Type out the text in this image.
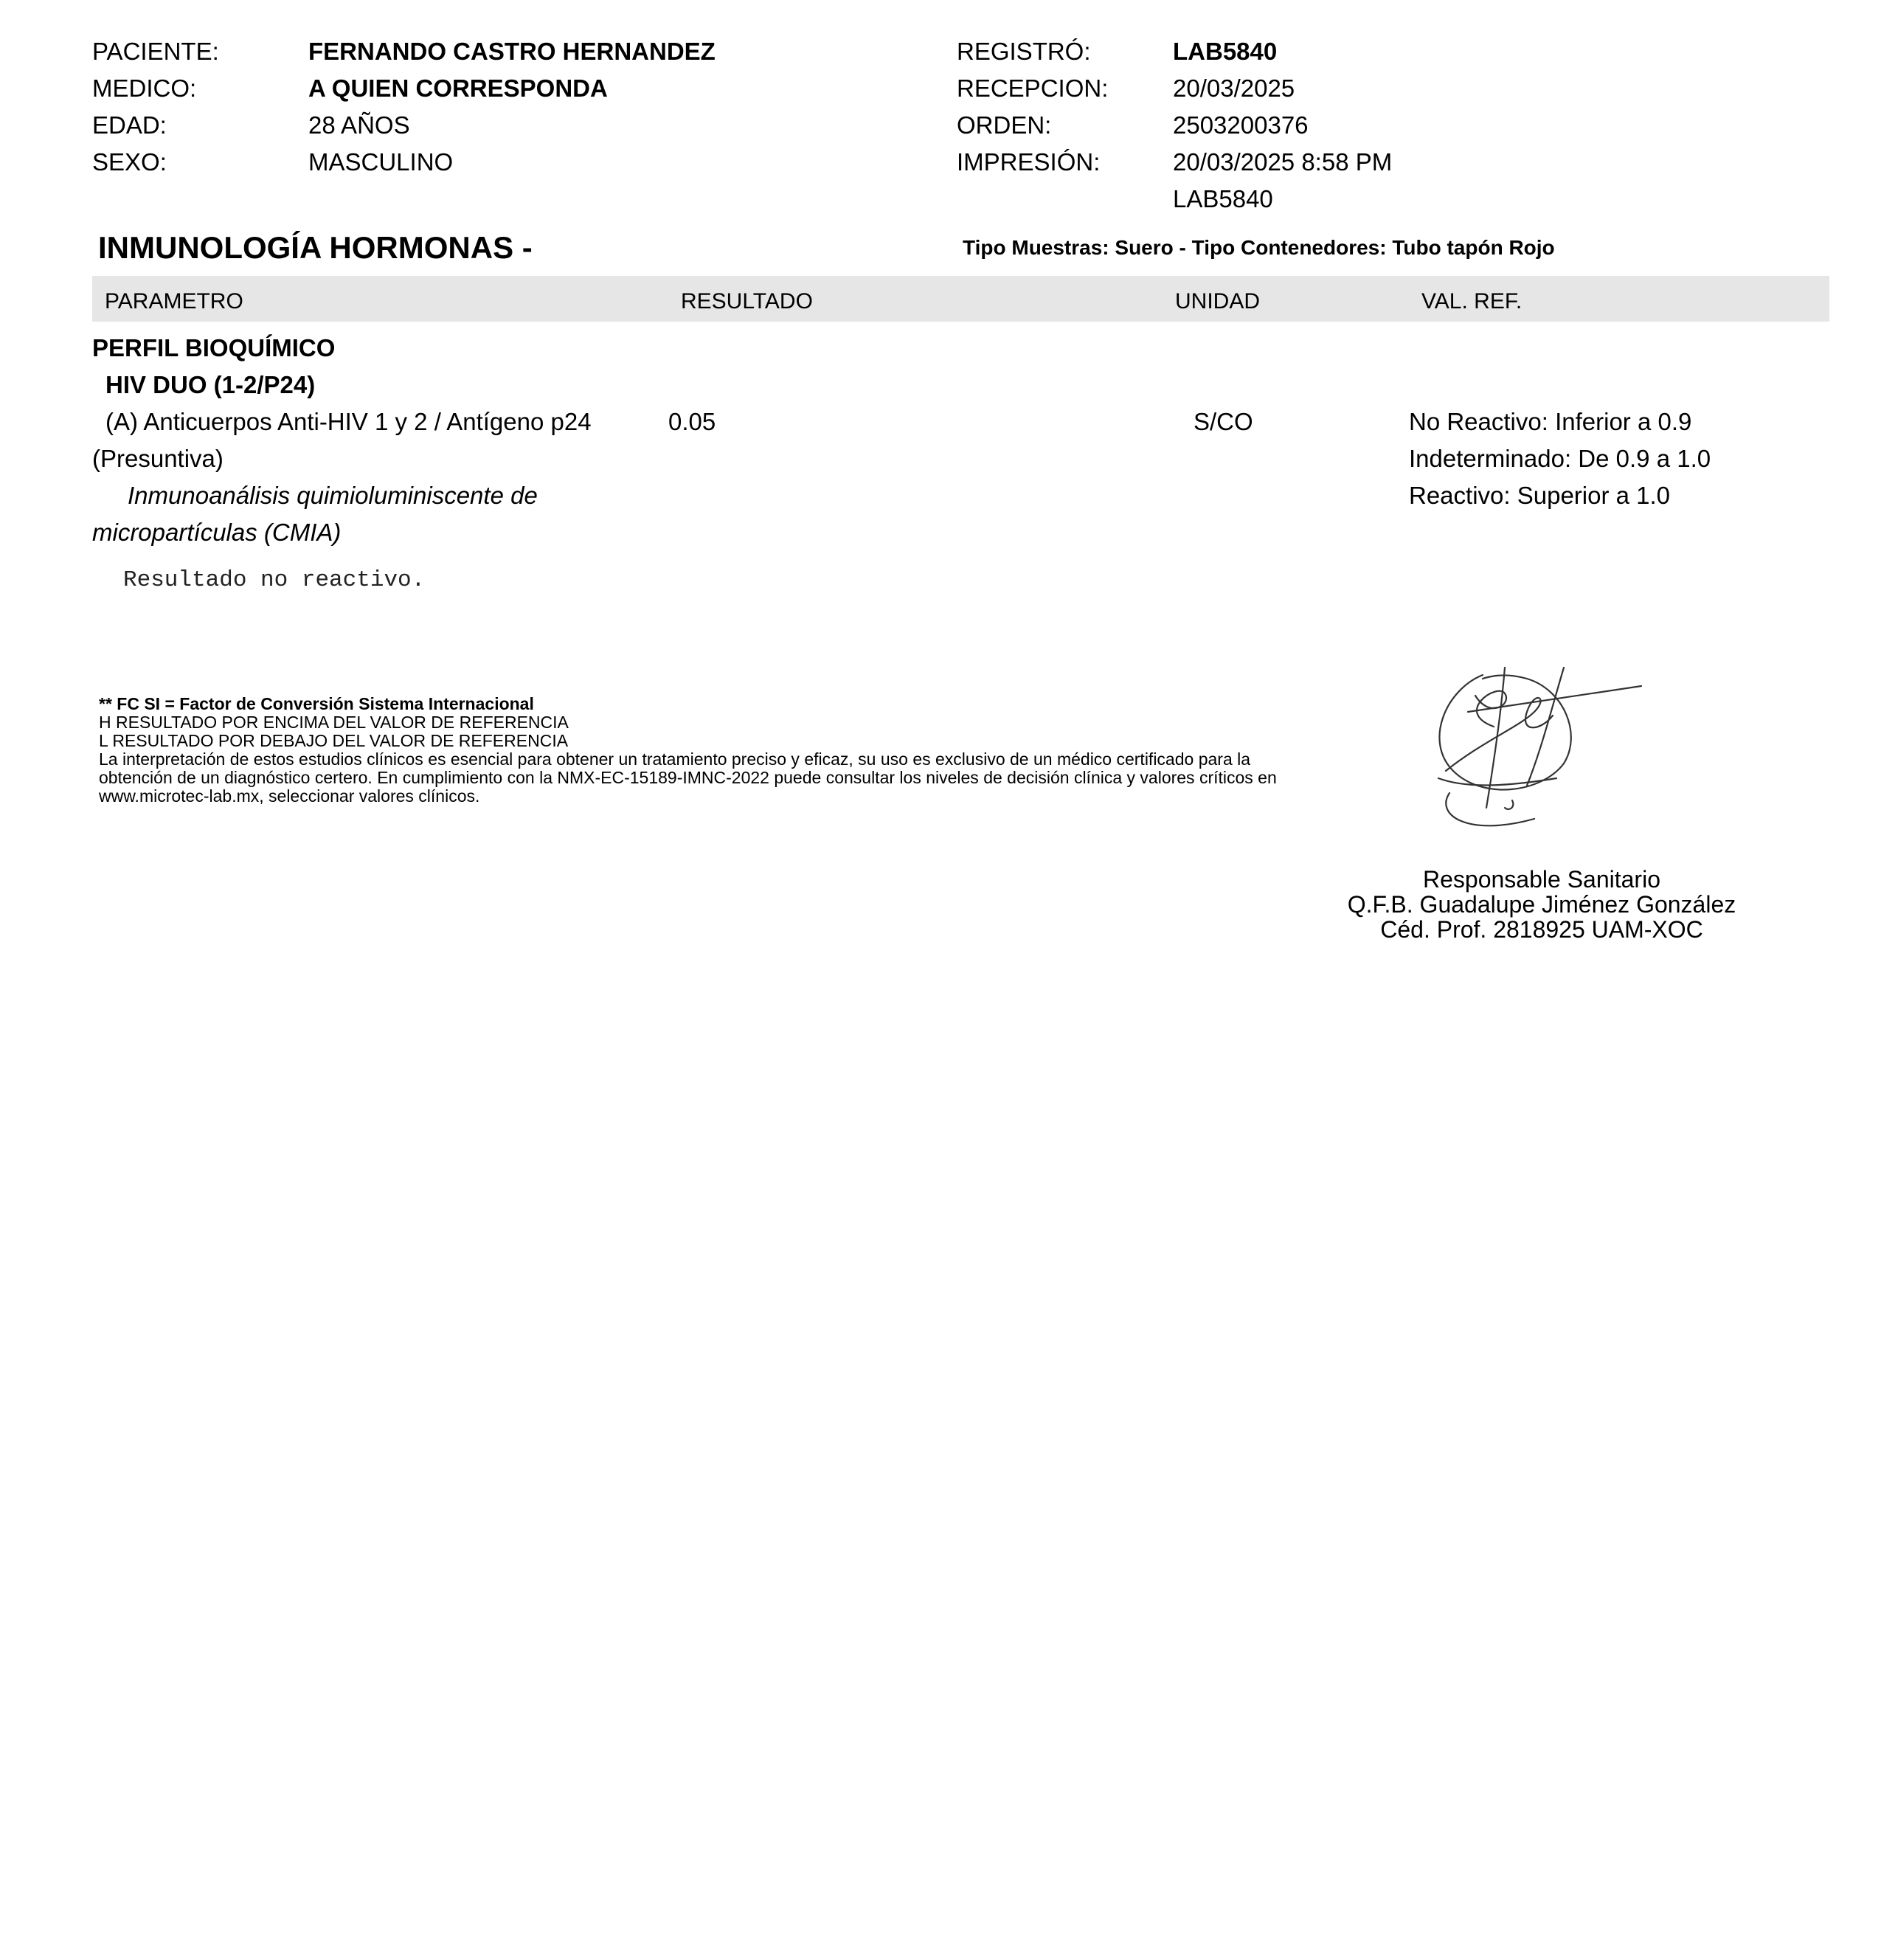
PACIENTE:	FERNANDO CASTRO HERNANDEZ
MEDICO:	A QUIEN CORRESPONDA
EDAD:	28 AÑOS
SEXO:	MASCULINO
REGISTRÓ:	LAB5840
RECEPCION:	20/03/2025
ORDEN:	2503200376
IMPRESIÓN:	20/03/2025 8:58 PM
LAB5840
INMUNOLOGÍA HORMONAS -	Tipo Muestras: Suero - Tipo Contenedores: Tubo tapón Rojo
PARAMETRO	RESULTADO	UNIDAD	VAL. REF.
PERFIL BIOQUÍMICO
HIV DUO (1-2/P24)
(A) Anticuerpos Anti-HIV 1 y 2 / Antígeno p24
(Presuntiva)
Inmunoanálisis quimioluminiscente de
micropartículas (CMIA)
0.05	S/CO	No Reactivo: Inferior a 0.9
Indeterminado: De 0.9 a 1.0
Reactivo: Superior a 1.0
Resultado no reactivo.
** FC SI = Factor de Conversión Sistema Internacional
H RESULTADO POR ENCIMA DEL VALOR DE REFERENCIA
L RESULTADO POR DEBAJO DEL VALOR DE REFERENCIA
La interpretación de estos estudios clínicos es esencial para obtener un tratamiento preciso y eficaz, su uso es exclusivo de un médico certificado para la obtención de un diagnóstico certero. En cumplimiento con la NMX-EC-15189-IMNC-2022 puede consultar los niveles de decisión clínica y valores críticos en www.microtec-lab.mx, seleccionar valores clínicos.
Responsable Sanitario
Q.F.B. Guadalupe Jiménez González
Céd. Prof. 2818925 UAM-XOC
